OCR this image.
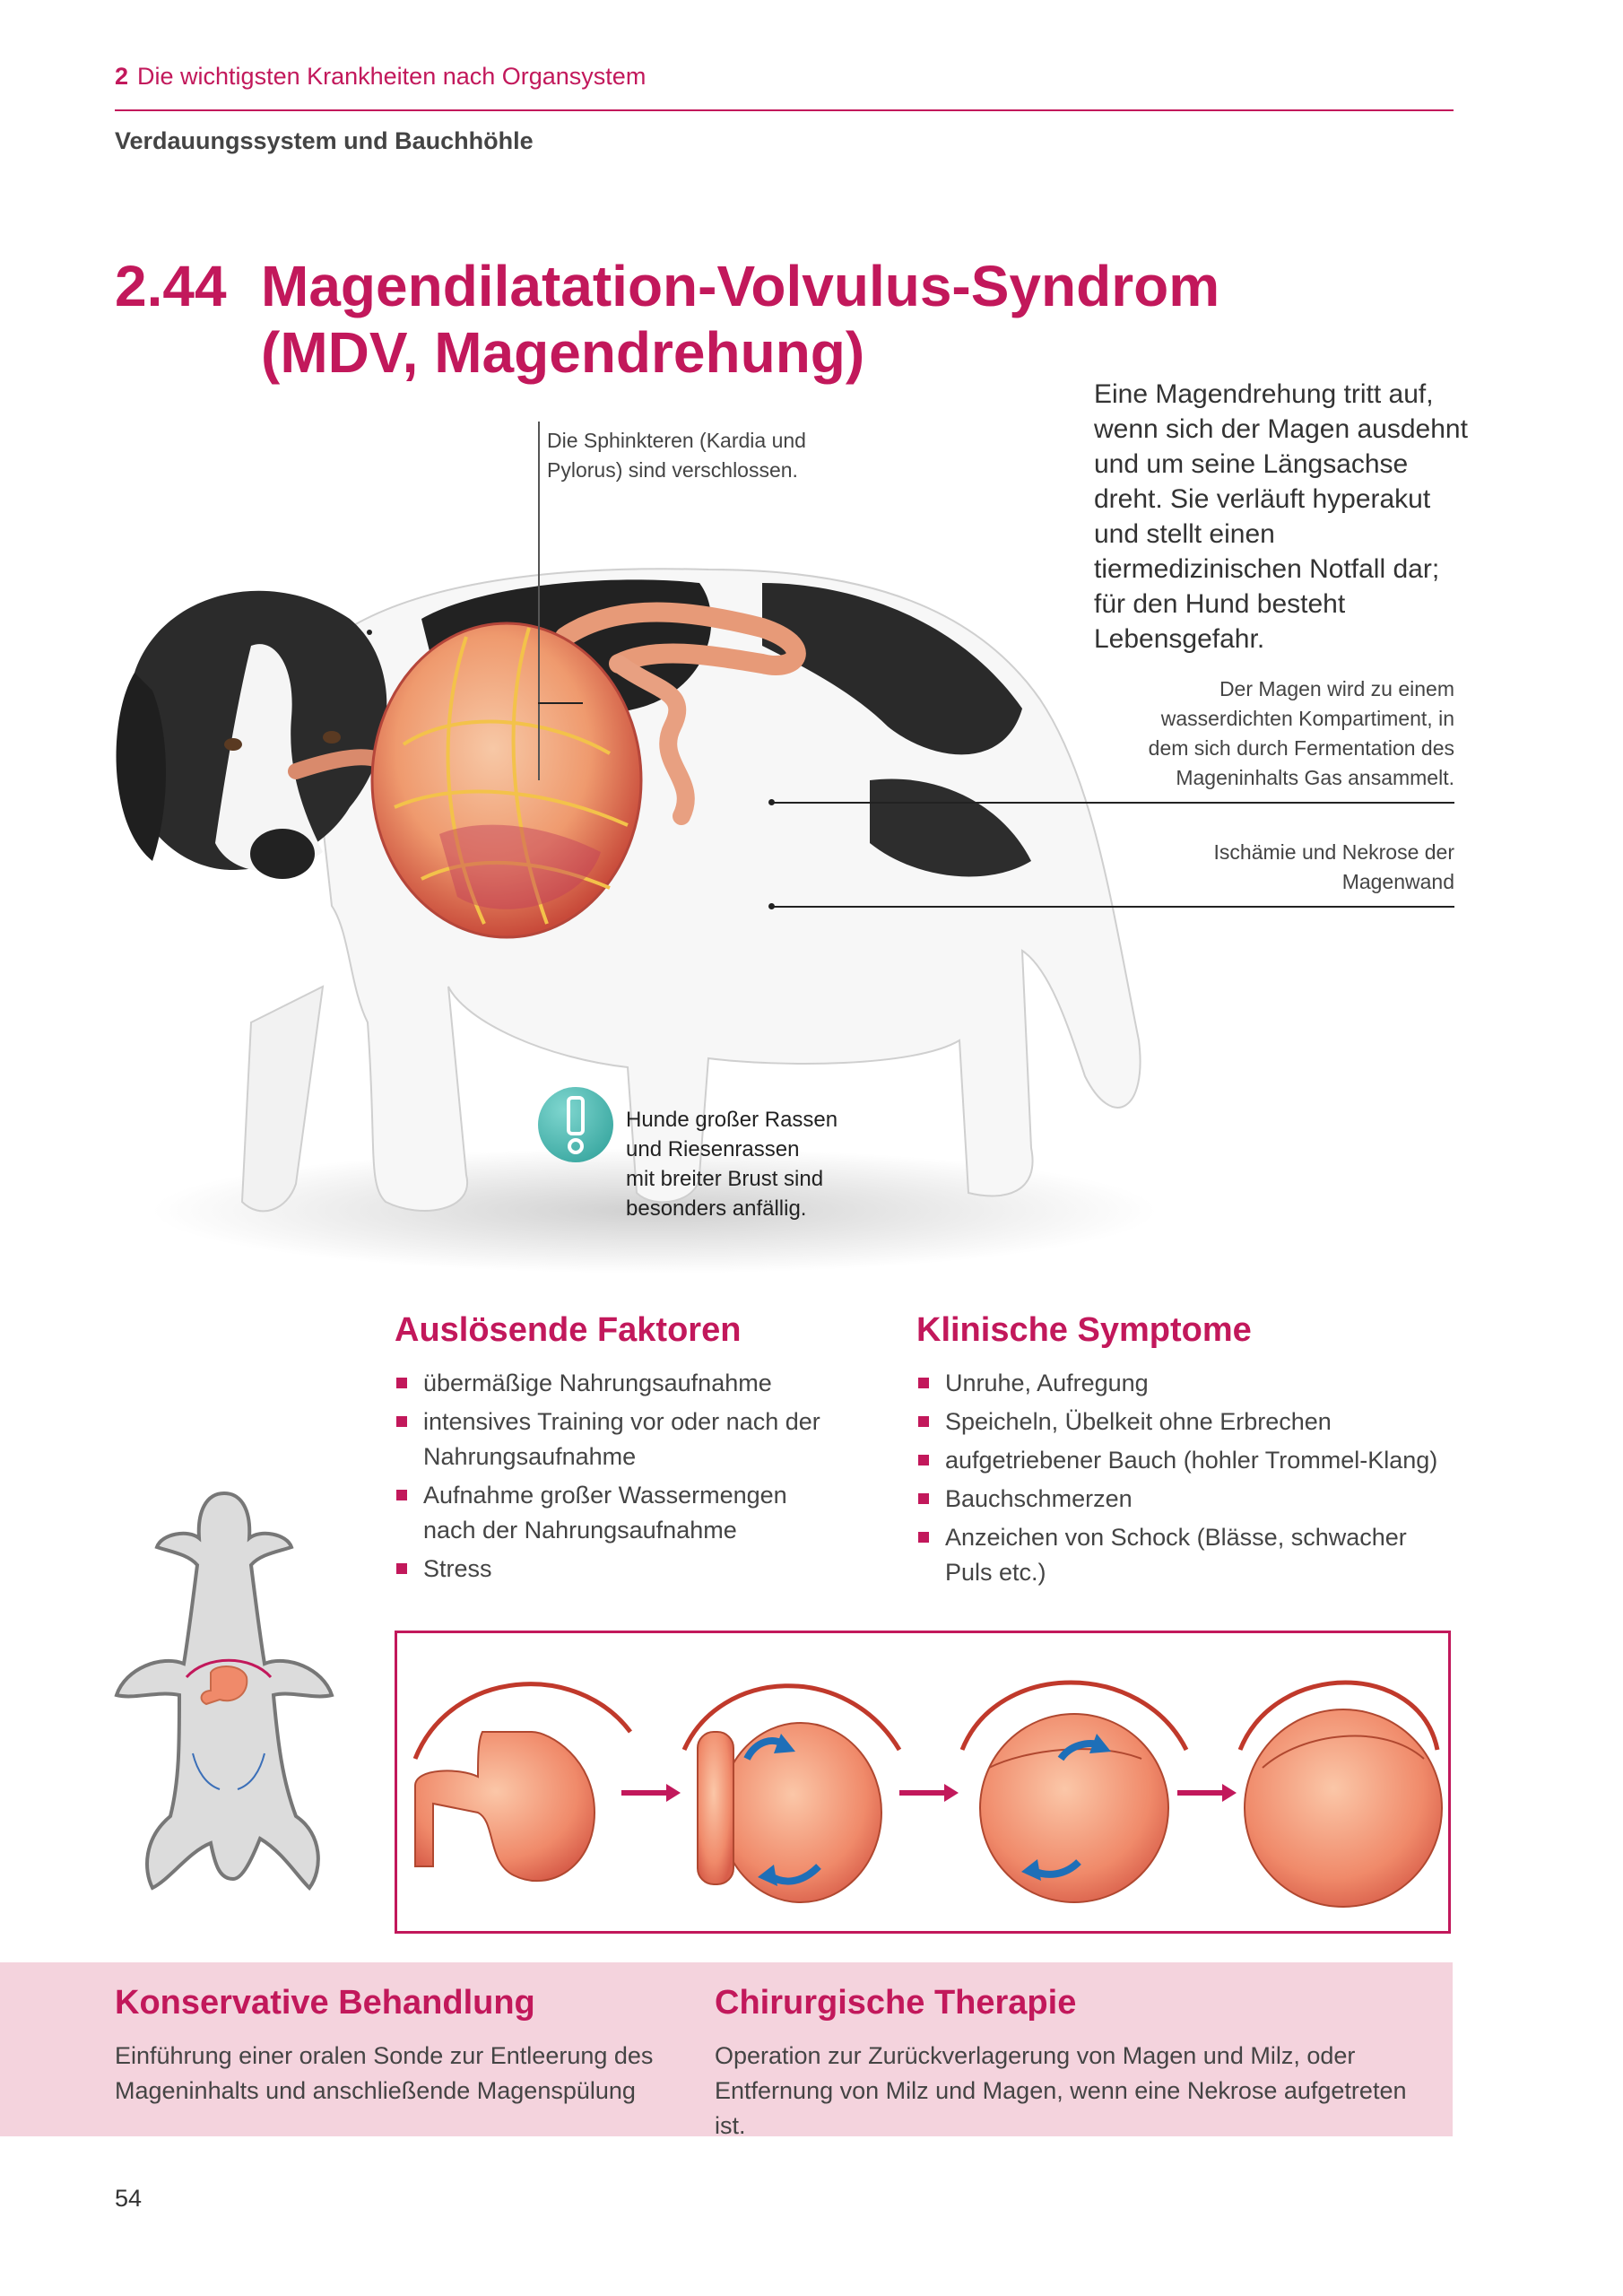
2 Die wichtigsten Krankheiten nach Organsystem
Verdauungssystem und Bauchhöhle
2.44 Magendilatation-Volvulus-Syndrom
(MDV, Magendrehung)
Eine Magendrehung tritt auf, wenn sich der Magen ausdehnt und um seine Längsachse dreht. Sie verläuft hyperakut und stellt einen tiermedizinischen Notfall dar; für den Hund besteht Lebensgefahr.
Die Sphinkteren (Kardia und
Pylorus) sind verschlossen.
Der Magen wird zu einem
wasserdichten Kompartiment, in
dem sich durch Fermentation des
Mageninhalts Gas ansammelt.
Ischämie und Nekrose der
Magenwand
Hunde großer Rassen
und Riesenrassen
mit breiter Brust sind
besonders anfällig.
Auslösende Faktoren
übermäßige Nahrungsaufnahme
intensives Training vor oder nach der Nahrungsaufnahme
Aufnahme großer Wassermengen nach der Nahrungsaufnahme
Stress
Klinische Symptome
Unruhe, Aufregung
Speicheln, Übelkeit ohne Erbrechen
aufgetriebener Bauch (hohler Trommel-Klang)
Bauchschmerzen
Anzeichen von Schock (Blässe, schwacher Puls etc.)
Konservative Behandlung
Einführung einer oralen Sonde zur Entleerung des Mageninhalts und anschließende Magenspülung
Chirurgische Therapie
Operation zur Zurückverlagerung von Magen und Milz, oder Entfernung von Milz und Magen, wenn eine Nekrose aufgetreten ist.
54
